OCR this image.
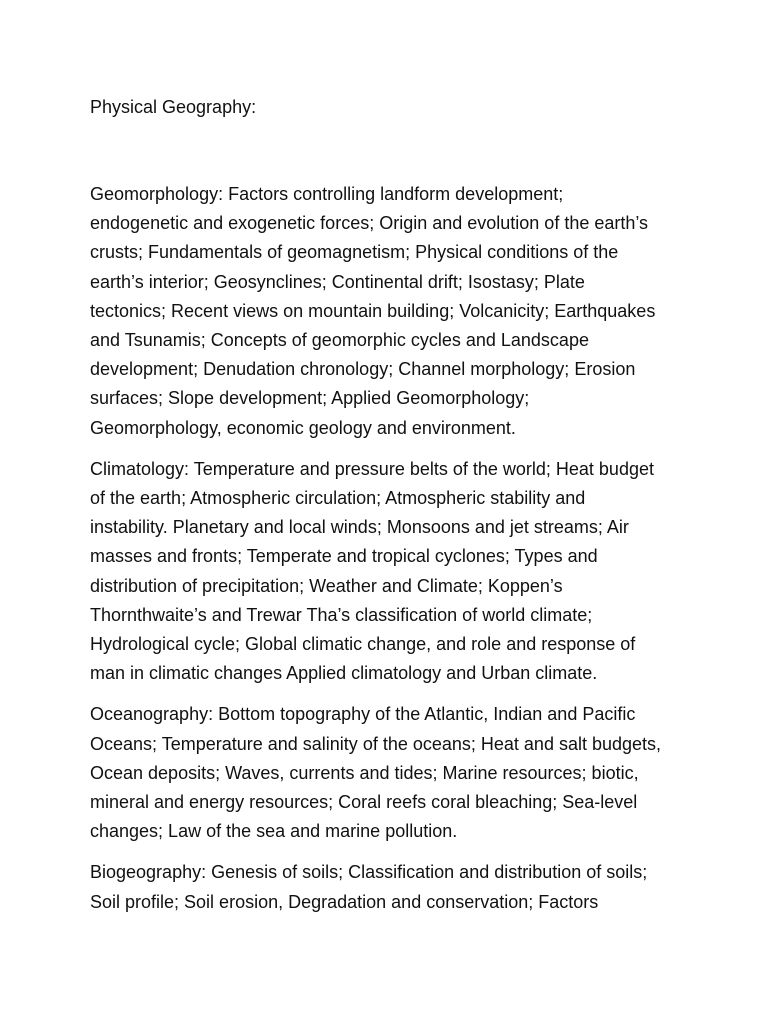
Physical Geography:
Geomorphology: Factors controlling landform development;
endogenetic and exogenetic forces; Origin and evolution of the earth’s
crusts; Fundamentals of geomagnetism; Physical conditions of the
earth’s interior; Geosynclines; Continental drift; Isostasy; Plate
tectonics; Recent views on mountain building; Volcanicity; Earthquakes
and Tsunamis; Concepts of geomorphic cycles and Landscape
development; Denudation chronology; Channel morphology; Erosion
surfaces; Slope development; Applied Geomorphology;
Geomorphology, economic geology and environment.
Climatology: Temperature and pressure belts of the world; Heat budget
of the earth; Atmospheric circulation; Atmospheric stability and
instability. Planetary and local winds; Monsoons and jet streams; Air
masses and fronts; Temperate and tropical cyclones; Types and
distribution of precipitation; Weather and Climate; Koppen’s
Thornthwaite’s and Trewar Tha’s classification of world climate;
Hydrological cycle; Global climatic change, and role and response of
man in climatic changes Applied climatology and Urban climate.
Oceanography: Bottom topography of the Atlantic, Indian and Pacific
Oceans; Temperature and salinity of the oceans; Heat and salt budgets,
Ocean deposits; Waves, currents and tides; Marine resources; biotic,
mineral and energy resources; Coral reefs coral bleaching; Sea-level
changes; Law of the sea and marine pollution.
Biogeography: Genesis of soils; Classification and distribution of soils;
Soil profile; Soil erosion, Degradation and conservation; Factors
